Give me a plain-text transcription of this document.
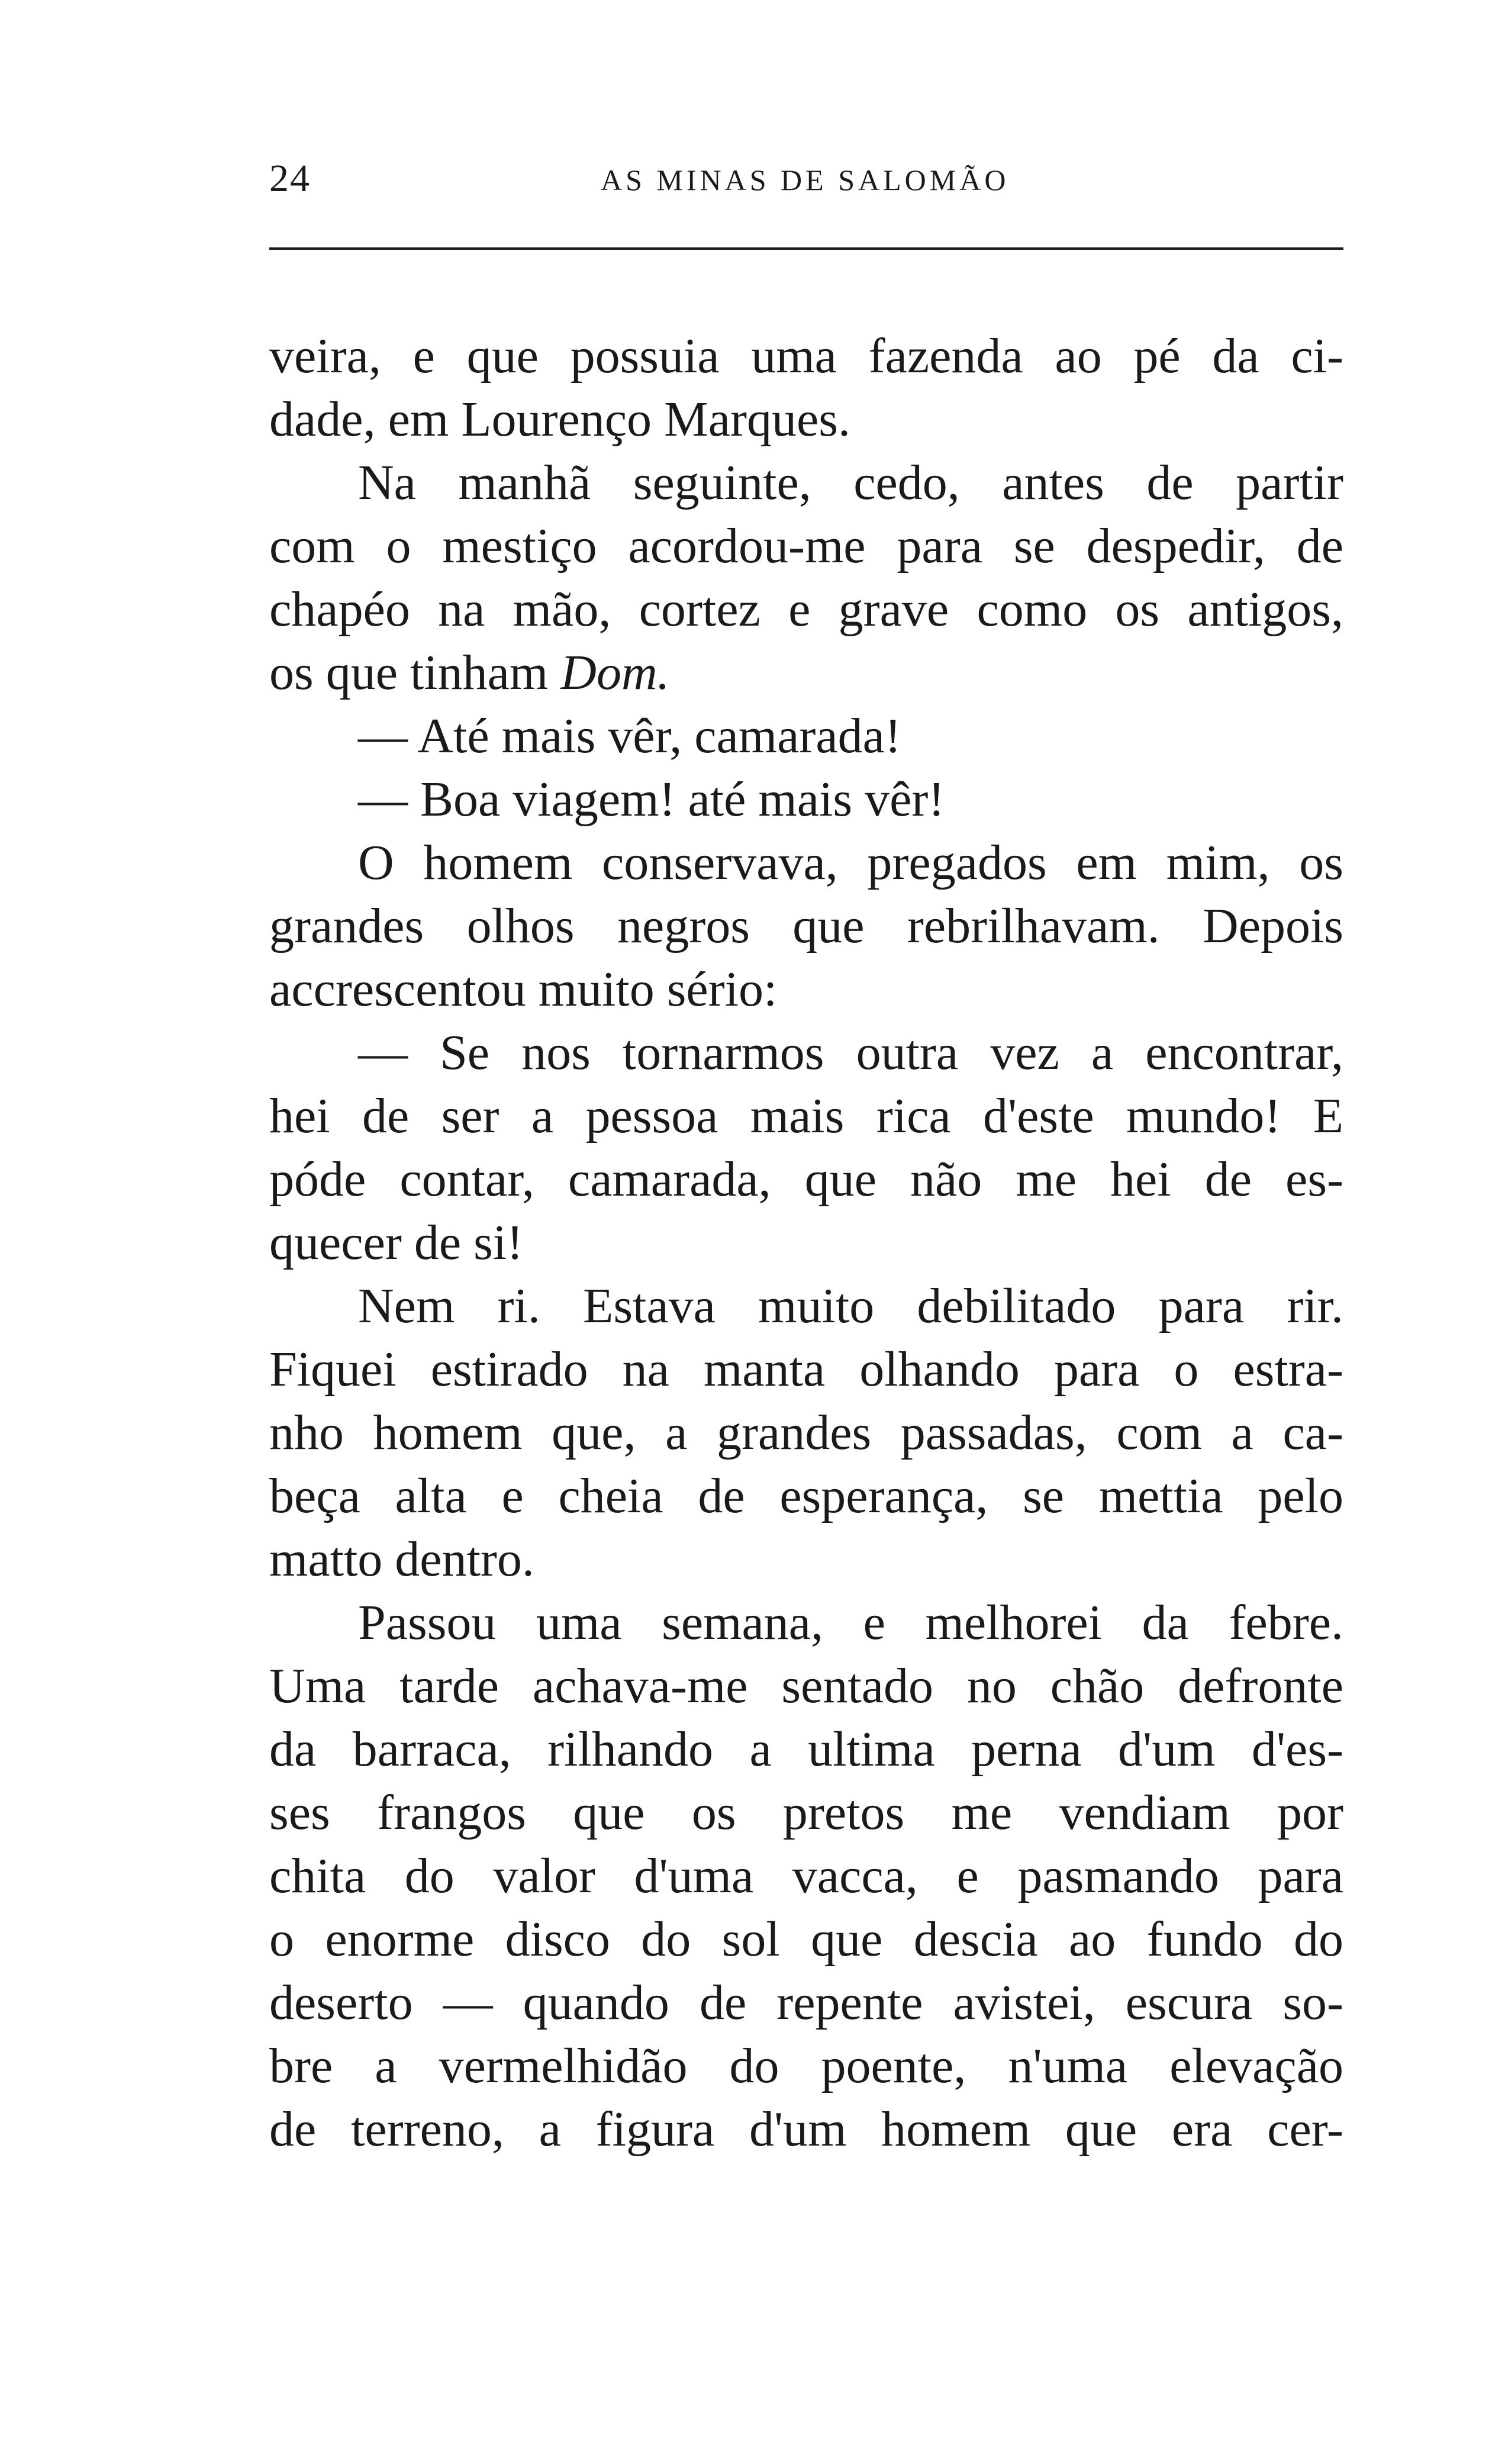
24	AS MINAS DE SALOMÃO
veira, e que possuia uma fazenda ao pé da ci-
dade, em Lourenço Marques.
Na manhã seguinte, cedo, antes de partir
com o mestiço acordou-me para se despedir, de
chapéo na mão, cortez e grave como os antigos,
os que tinham Dom.
— Até mais vêr, camarada!
— Boa viagem! até mais vêr!
O homem conservava, pregados em mim, os
grandes olhos negros que rebrilhavam. Depois
accrescentou muito sério:
— Se nos tornarmos outra vez a encontrar,
hei de ser a pessoa mais rica d'este mundo! E
póde contar, camarada, que não me hei de es-
quecer de si!
Nem ri. Estava muito debilitado para rir.
Fiquei estirado na manta olhando para o estra-
nho homem que, a grandes passadas, com a ca-
beça alta e cheia de esperança, se mettia pelo
matto dentro.
Passou uma semana, e melhorei da febre.
Uma tarde achava-me sentado no chão defronte
da barraca, rilhando a ultima perna d'um d'es-
ses frangos que os pretos me vendiam por
chita do valor d'uma vacca, e pasmando para
o enorme disco do sol que descia ao fundo do
deserto — quando de repente avistei, escura so-
bre a vermelhidão do poente, n'uma elevação
de terreno, a figura d'um homem que era cer-
